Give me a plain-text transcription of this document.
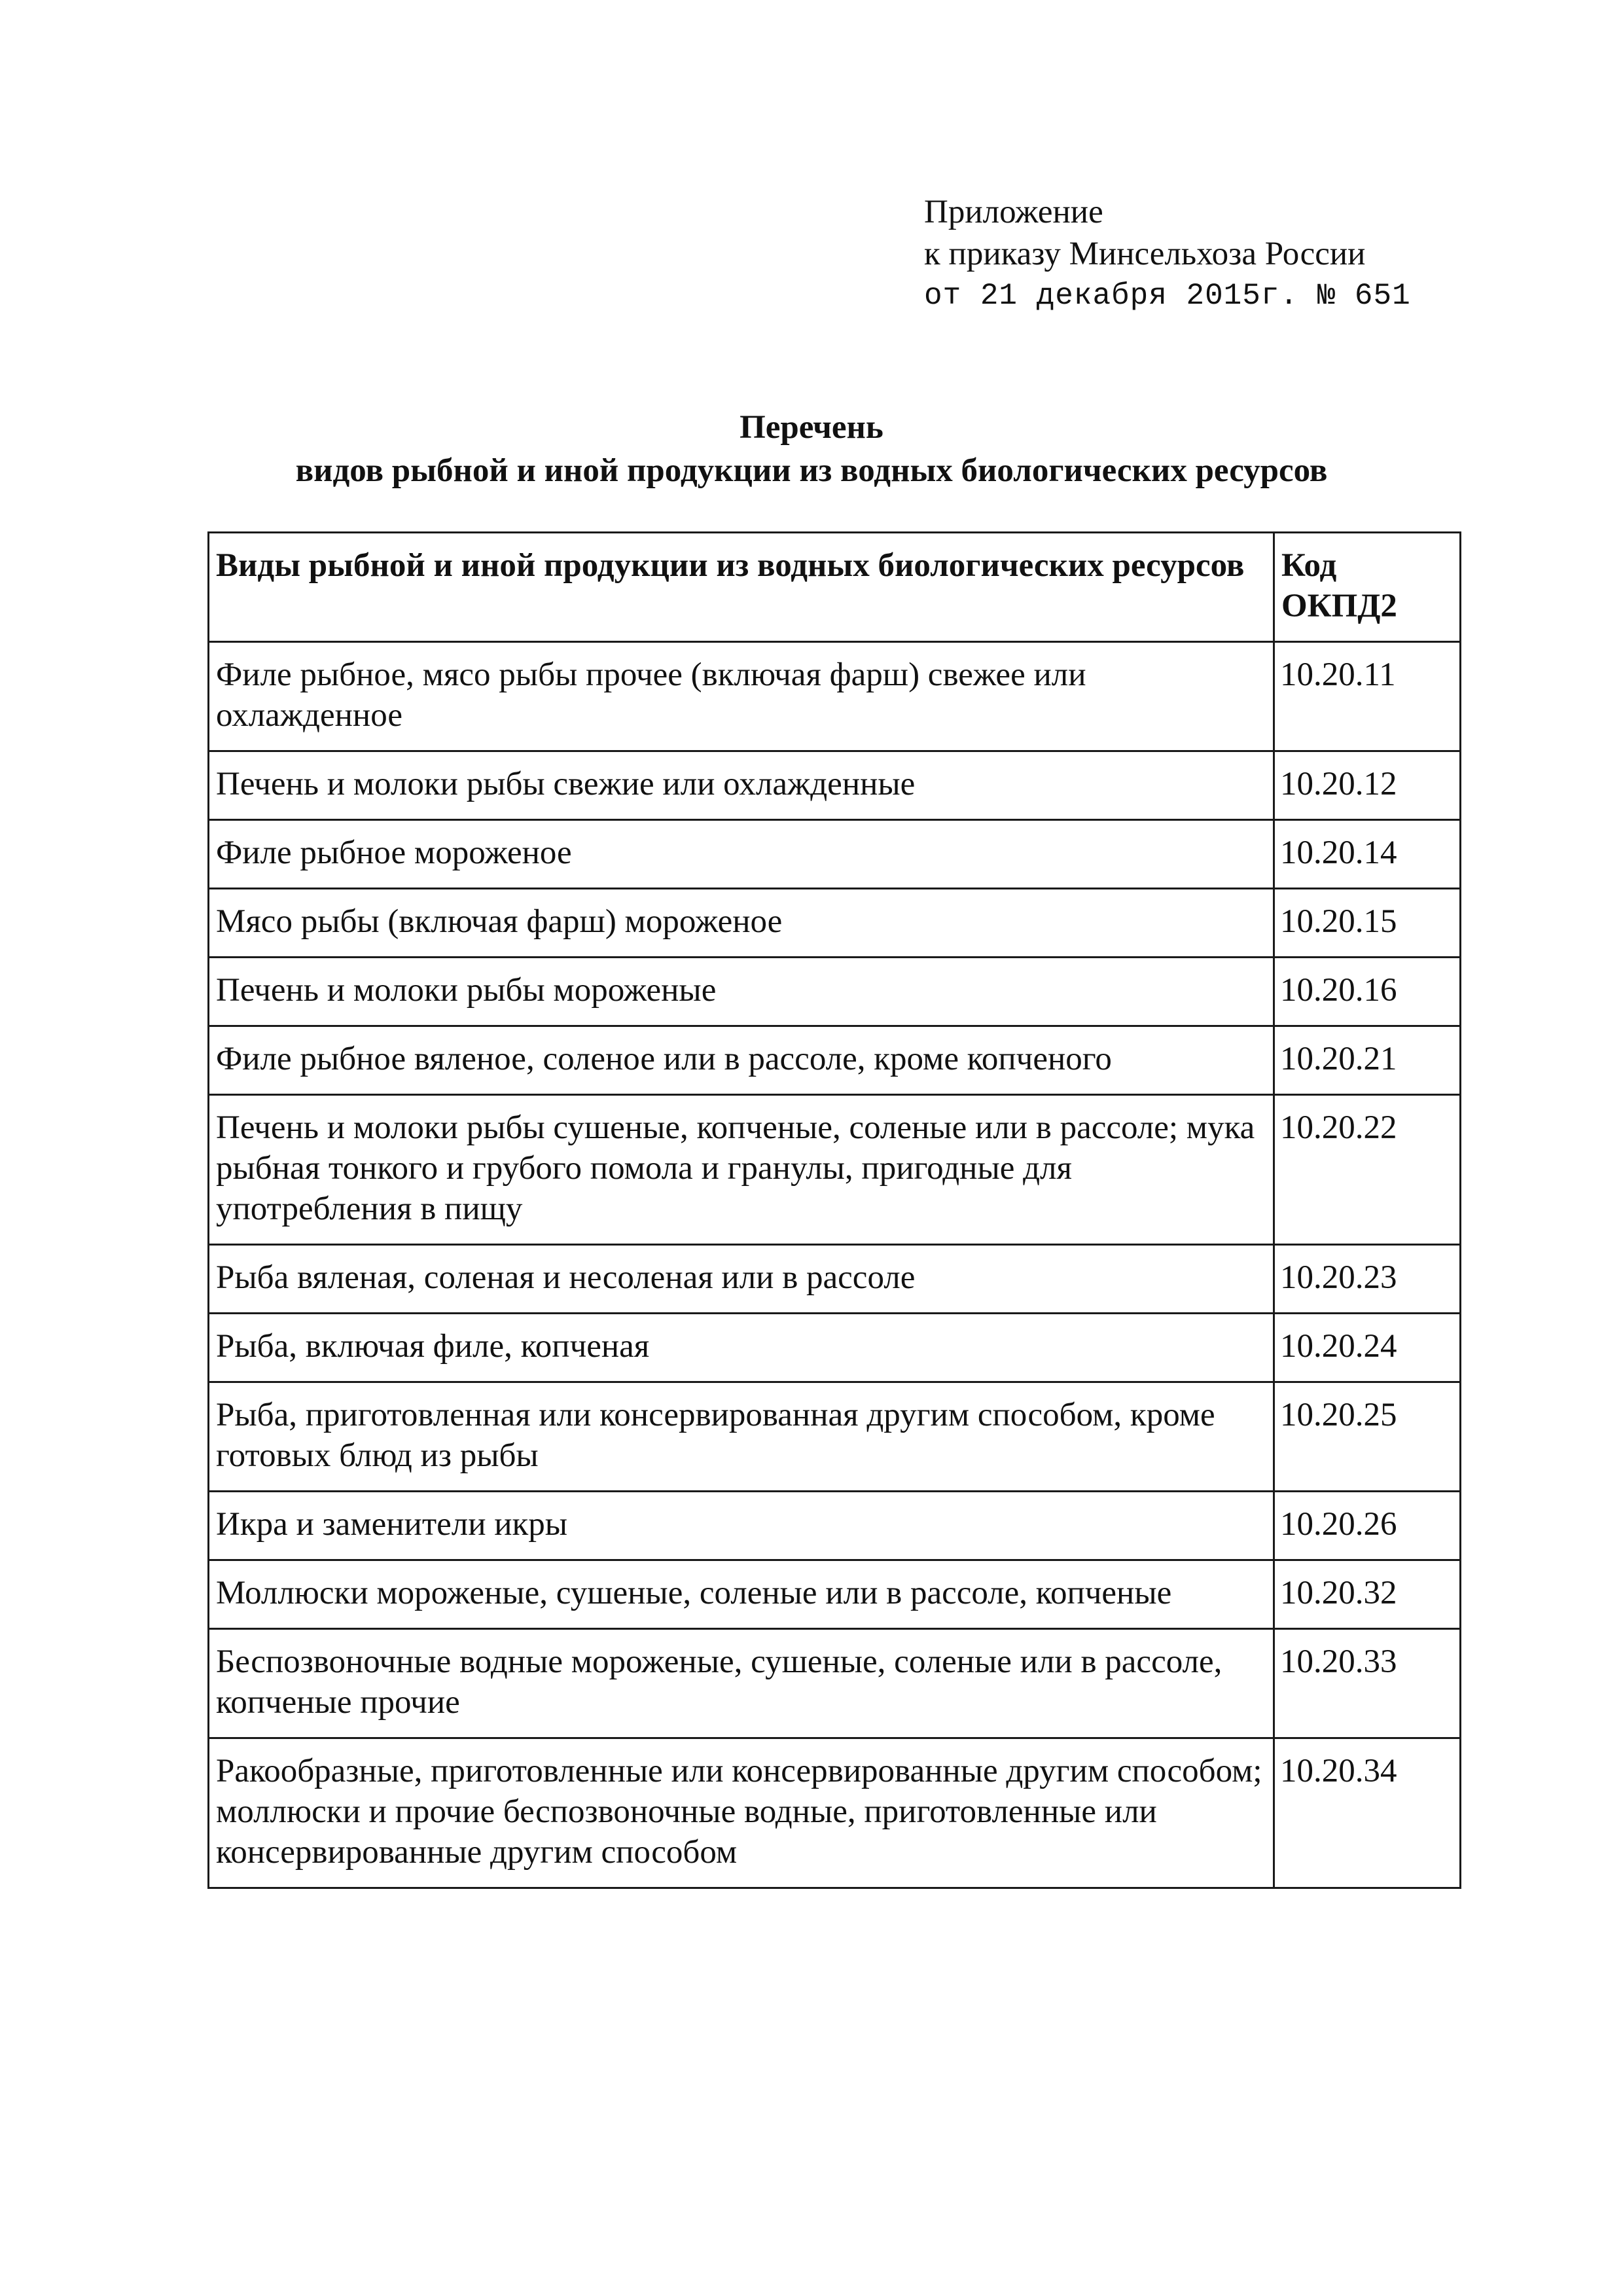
Приложение
к приказу Минсельхоза России
от 21 декабря 2015г. № 651
Перечень
видов рыбной и иной продукции из водных биологических ресурсов
Виды рыбной и иной продукции из водных биологических ресурсов	Код ОКПД2
Филе рыбное, мясо рыбы прочее (включая фарш) свежее или охлажденное	10.20.11
Печень и молоки рыбы свежие или охлажденные	10.20.12
Филе рыбное мороженое	10.20.14
Мясо рыбы (включая фарш) мороженое	10.20.15
Печень и молоки рыбы мороженые	10.20.16
Филе рыбное вяленое, соленое или в рассоле, кроме копченого	10.20.21
Печень и молоки рыбы сушеные, копченые, соленые или в рассоле; мука рыбная тонкого и грубого помола и гранулы, пригодные для употребления в пищу	10.20.22
Рыба вяленая, соленая и несоленая или в рассоле	10.20.23
Рыба, включая филе, копченая	10.20.24
Рыба, приготовленная или консервированная другим способом, кроме готовых блюд из рыбы	10.20.25
Икра и заменители икры	10.20.26
Моллюски мороженые, сушеные, соленые или в рассоле, копченые	10.20.32
Беспозвоночные водные мороженые, сушеные, соленые или в рассоле, копченые прочие	10.20.33
Ракообразные, приготовленные или консервированные другим способом; моллюски и прочие беспозвоночные водные, приготовленные или консервированные другим способом	10.20.34
